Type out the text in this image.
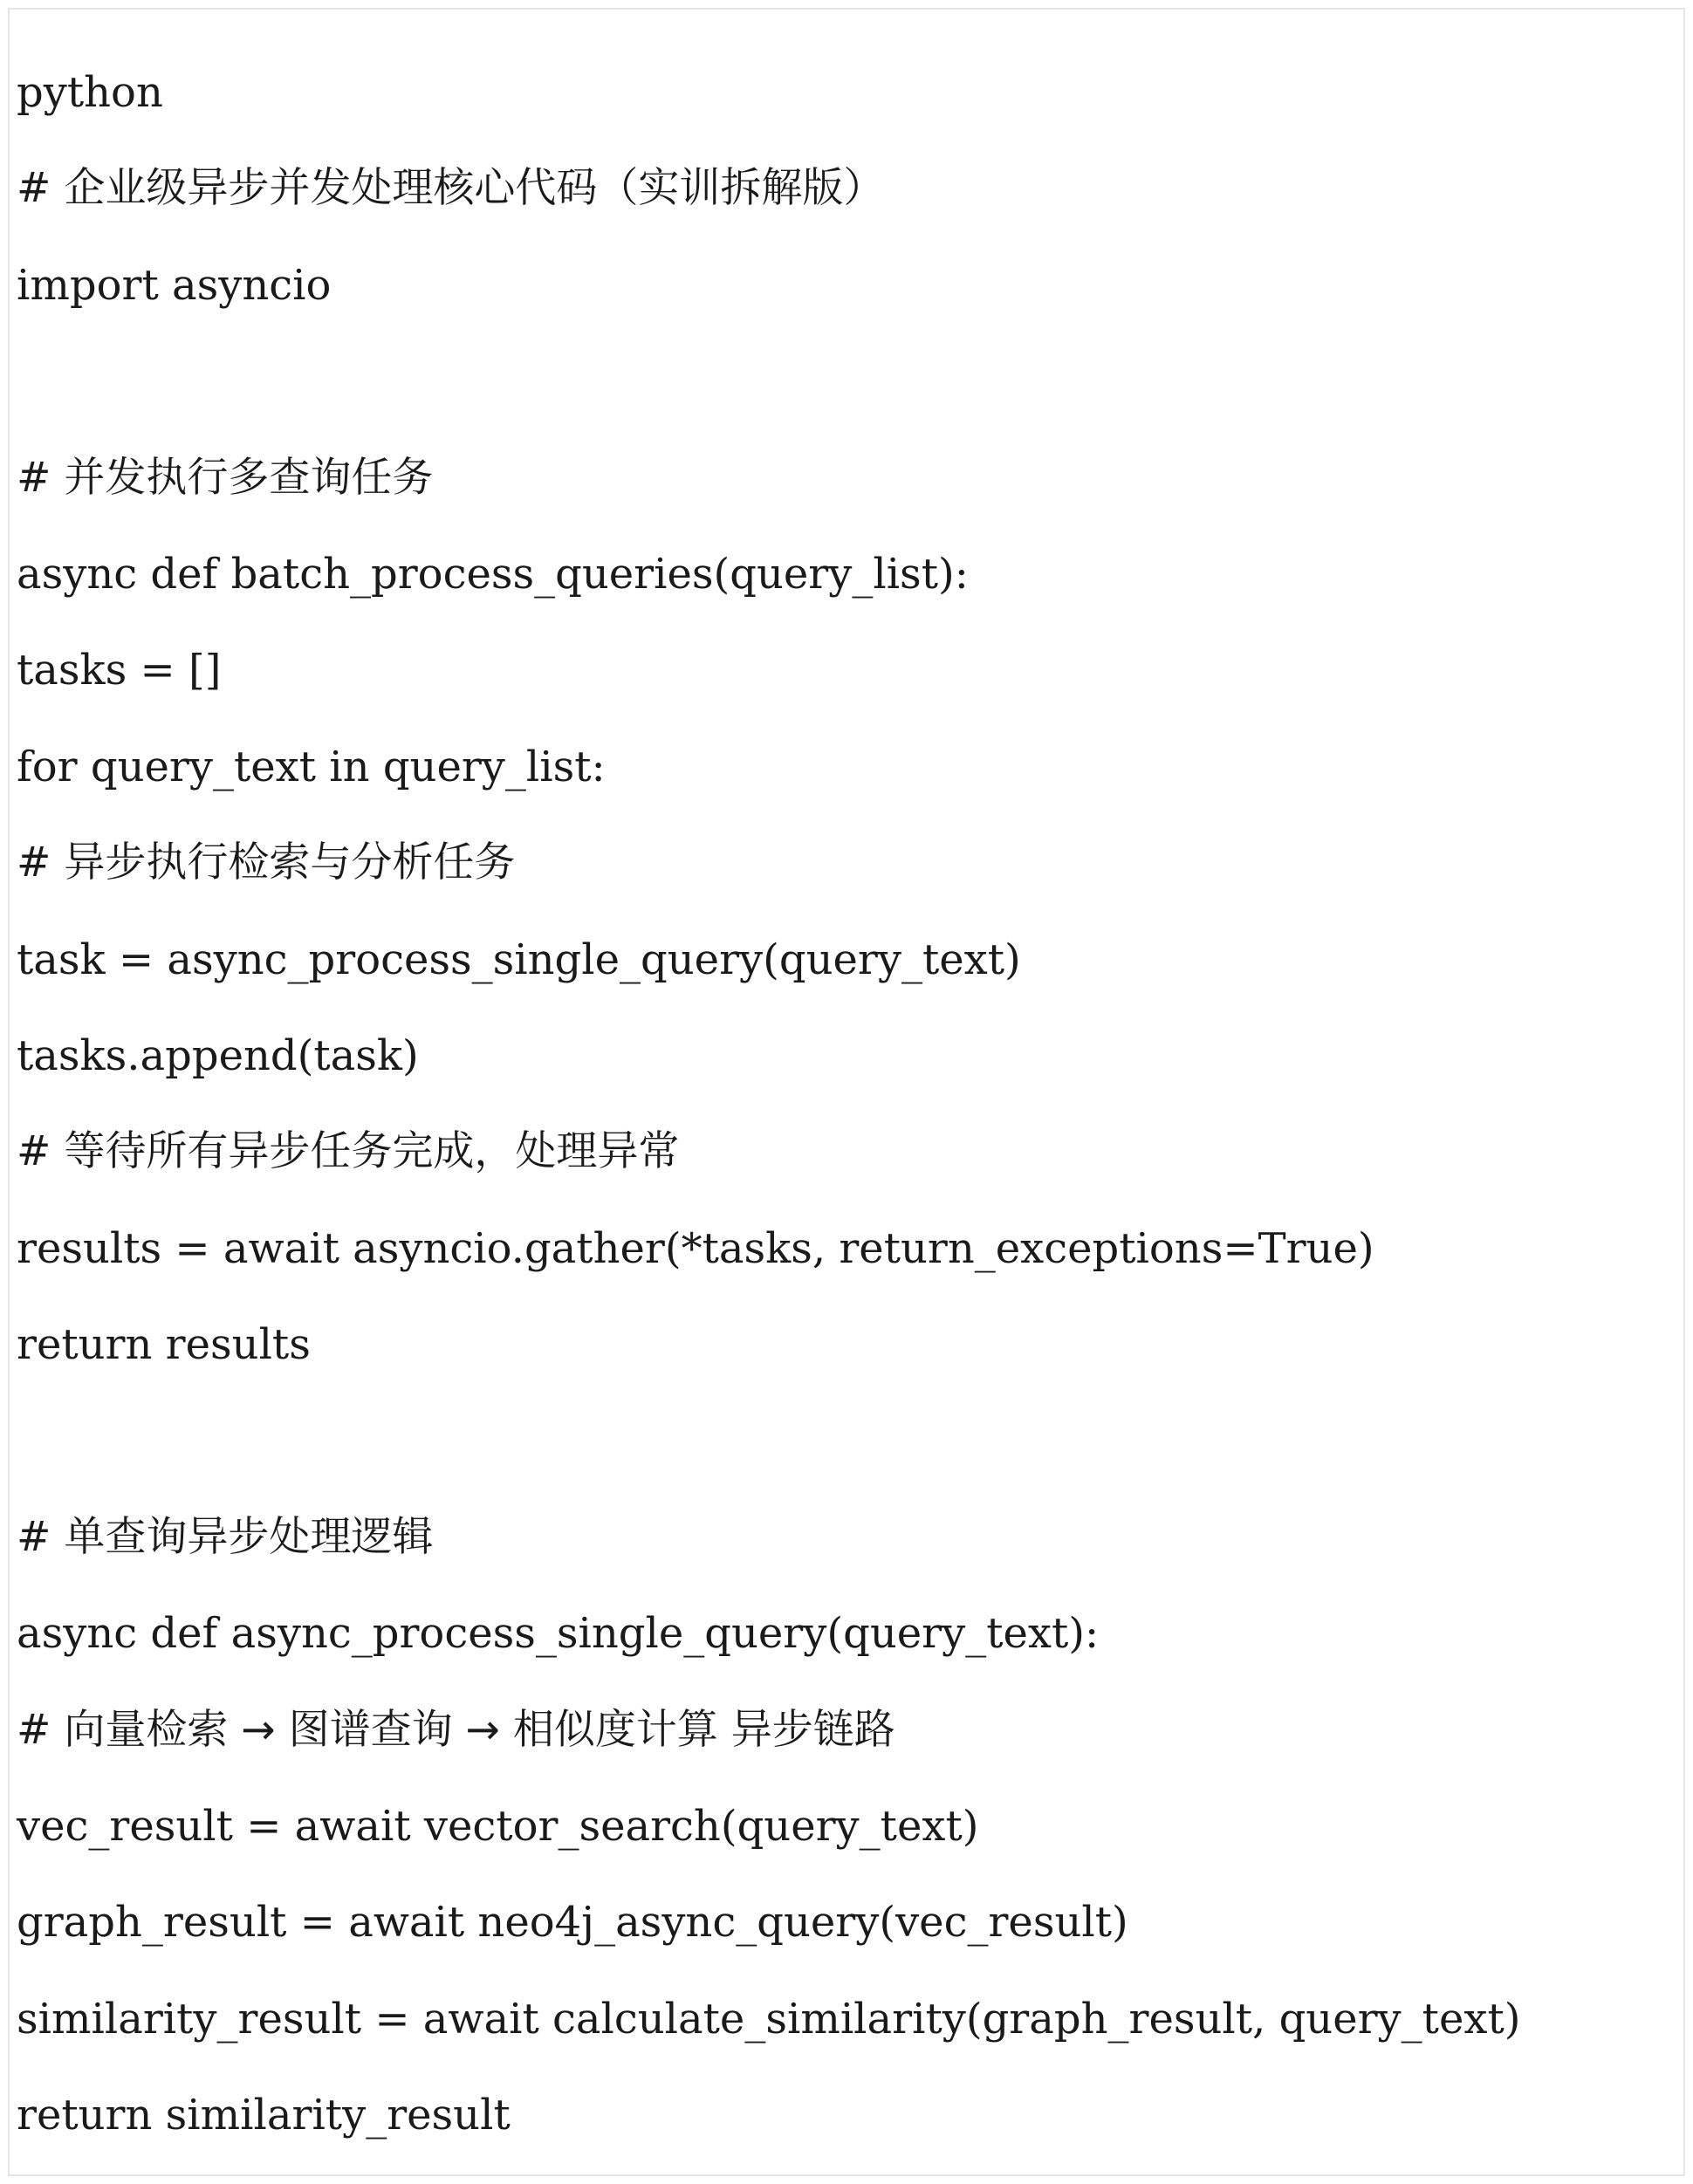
python
# 企业级异步并发处理核心代码（实训拆解版）
import asyncio
# 并发执行多查询任务
async def batch_process_queries(query_list):
tasks = []
for query_text in query_list:
# 异步执行检索与分析任务
task = async_process_single_query(query_text)
tasks.append(task)
# 等待所有异步任务完成，处理异常
results = await asyncio.gather(*tasks, return_exceptions=True)
return results
# 单查询异步处理逻辑
async def async_process_single_query(query_text):
# 向量检索 → 图谱查询 → 相似度计算 异步链路
vec_result = await vector_search(query_text)
graph_result = await neo4j_async_query(vec_result)
similarity_result = await calculate_similarity(graph_result, query_text)
return similarity_result
